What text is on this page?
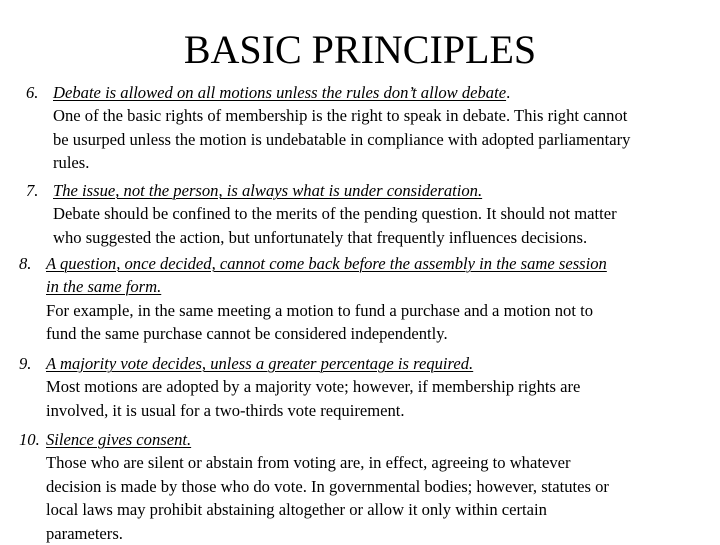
BASIC PRINCIPLES
6. Debate is allowed on all motions unless the rules don’t allow debate.
One of the basic rights of membership is the right to speak in debate. This right cannot
be usurped unless the motion is undebatable in compliance with adopted parliamentary
rules.
7. The issue, not the person, is always what is under consideration.
Debate should be confined to the merits of the pending question. It should not matter
who suggested the action, but unfortunately that frequently influences decisions.
8. A question, once decided, cannot come back before the assembly in the same session
in the same form.
For example, in the same meeting a motion to fund a purchase and a motion not to
fund the same purchase cannot be considered independently.
9. A majority vote decides, unless a greater percentage is required.
Most motions are adopted by a majority vote; however, if membership rights are
involved, it is usual for a two-thirds vote requirement.
10. Silence gives consent.
Those who are silent or abstain from voting are, in effect, agreeing to whatever
decision is made by those who do vote. In governmental bodies; however, statutes or
local laws may prohibit abstaining altogether or allow it only within certain
parameters.
